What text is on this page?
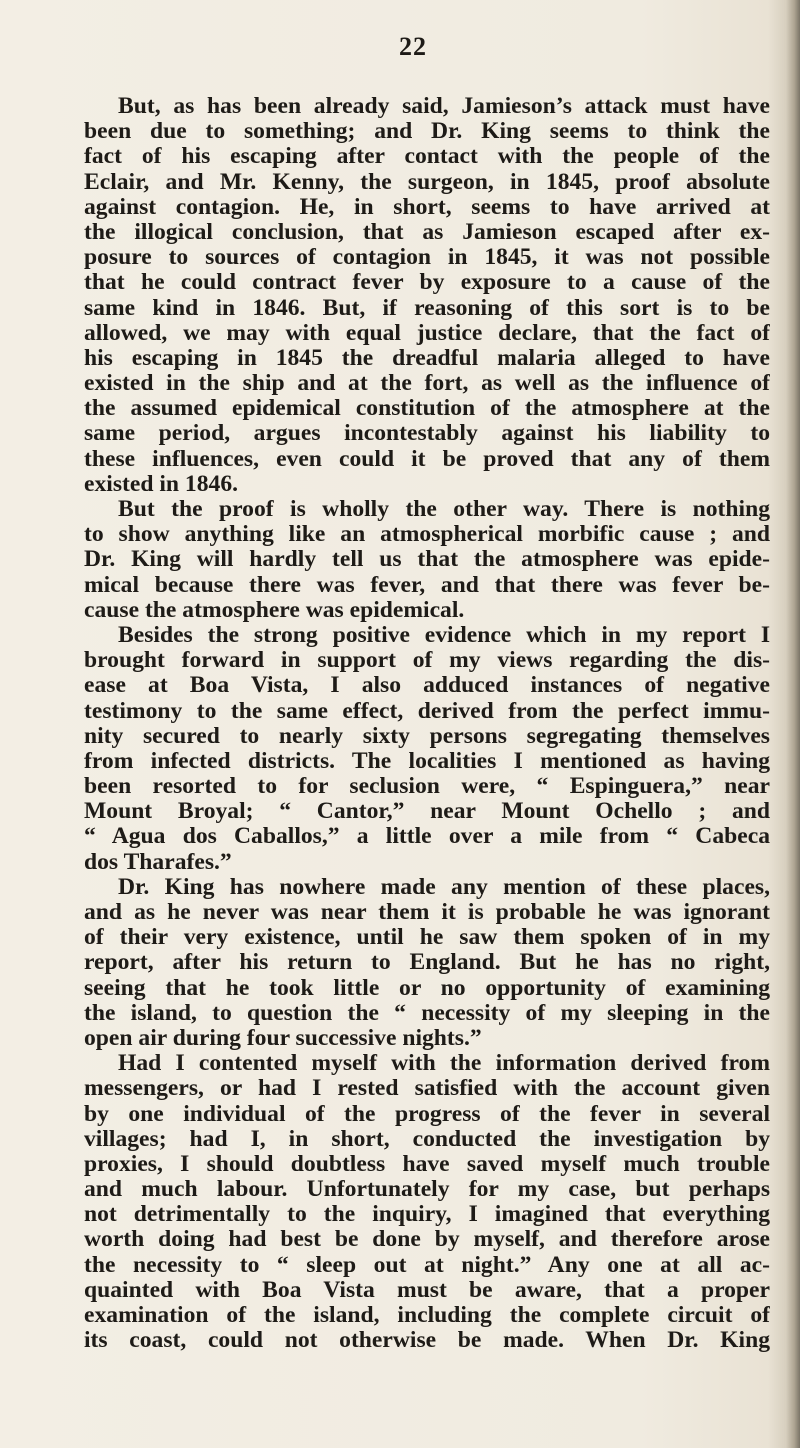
22
But, as has been already said, Jamieson’s attack must have
been due to something; and Dr. King seems to think the
fact of his escaping after contact with the people of the
Eclair, and Mr. Kenny, the surgeon, in 1845, proof absolute
against contagion. He, in short, seems to have arrived at
the illogical conclusion, that as Jamieson escaped after ex-
posure to sources of contagion in 1845, it was not possible
that he could contract fever by exposure to a cause of the
same kind in 1846. But, if reasoning of this sort is to be
allowed, we may with equal justice declare, that the fact of
his escaping in 1845 the dreadful malaria alleged to have
existed in the ship and at the fort, as well as the influence of
the assumed epidemical constitution of the atmosphere at the
same period, argues incontestably against his liability to
these influences, even could it be proved that any of them
existed in 1846.
But the proof is wholly the other way. There is nothing
to show anything like an atmospherical morbific cause ; and
Dr. King will hardly tell us that the atmosphere was epide-
mical because there was fever, and that there was fever be-
cause the atmosphere was epidemical.
Besides the strong positive evidence which in my report I
brought forward in support of my views regarding the dis-
ease at Boa Vista, I also adduced instances of negative
testimony to the same effect, derived from the perfect immu-
nity secured to nearly sixty persons segregating themselves
from infected districts. The localities I mentioned as having
been resorted to for seclusion were, “ Espinguera,” near
Mount Broyal; “ Cantor,” near Mount Ochello ; and
“ Agua dos Caballos,” a little over a mile from “ Cabeca
dos Tharafes.”
Dr. King has nowhere made any mention of these places,
and as he never was near them it is probable he was ignorant
of their very existence, until he saw them spoken of in my
report, after his return to England. But he has no right,
seeing that he took little or no opportunity of examining
the island, to question the “ necessity of my sleeping in the
open air during four successive nights.”
Had I contented myself with the information derived from
messengers, or had I rested satisfied with the account given
by one individual of the progress of the fever in several
villages; had I, in short, conducted the investigation by
proxies, I should doubtless have saved myself much trouble
and much labour. Unfortunately for my case, but perhaps
not detrimentally to the inquiry, I imagined that everything
worth doing had best be done by myself, and therefore arose
the necessity to “ sleep out at night.” Any one at all ac-
quainted with Boa Vista must be aware, that a proper
examination of the island, including the complete circuit of
its coast, could not otherwise be made. When Dr. King
